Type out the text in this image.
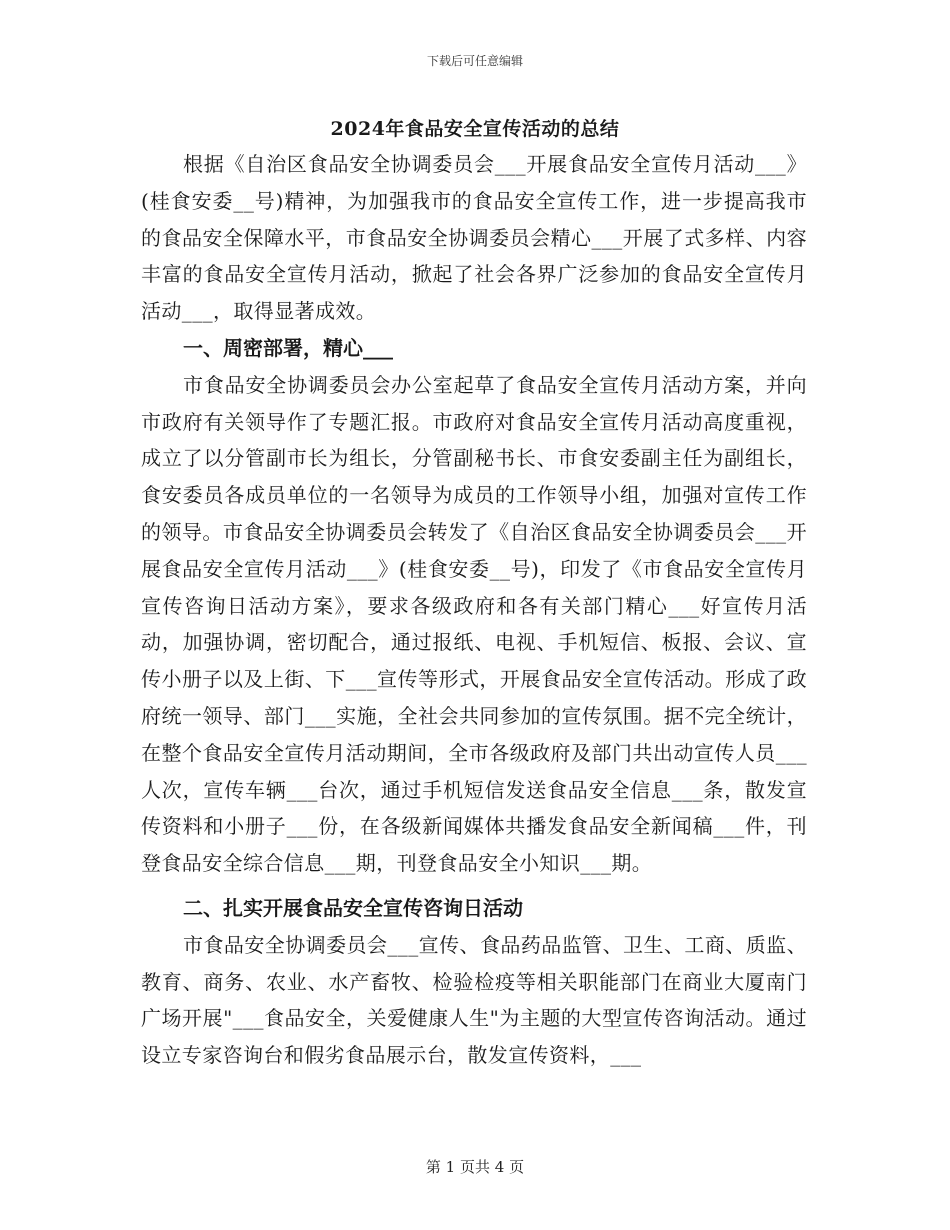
下载后可任意编辑
2024年食品安全宣传活动的总结

根据《自治区食品安全协调委员会___开展食品安全宣传月活动___》(桂食安委__号)精神，为加强我市的食品安全宣传工作，进一步提高我市的食品安全保障水平，市食品安全协调委员会精心___开展了式多样、内容丰富的食品安全宣传月活动，掀起了社会各界广泛参加的食品安全宣传月活动___，取得显著成效。

一、周密部署，精心___

市食品安全协调委员会办公室起草了食品安全宣传月活动方案，并向市政府有关领导作了专题汇报。市政府对食品安全宣传月活动高度重视，成立了以分管副市长为组长，分管副秘书长、市食安委副主任为副组长，食安委员各成员单位的一名领导为成员的工作领导小组，加强对宣传工作的领导。市食品安全协调委员会转发了《自治区食品安全协调委员会___开展食品安全宣传月活动___》(桂食安委__号)，印发了《市食品安全宣传月宣传咨询日活动方案》，要求各级政府和各有关部门精心___好宣传月活动，加强协调，密切配合，通过报纸、电视、手机短信、板报、会议、宣传小册子以及上街、下___宣传等形式，开展食品安全宣传活动。形成了政府统一领导、部门___实施，全社会共同参加的宣传氛围。据不完全统计，在整个食品安全宣传月活动期间，全市各级政府及部门共出动宣传人员___人次，宣传车辆___台次，通过手机短信发送食品安全信息___条，散发宣传资料和小册子___份，在各级新闻媒体共播发食品安全新闻稿___件，刊登食品安全综合信息___期，刊登食品安全小知识___期。

二、扎实开展食品安全宣传咨询日活动

市食品安全协调委员会___宣传、食品药品监管、卫生、工商、质监、教育、商务、农业、水产畜牧、检验检疫等相关职能部门在商业大厦南门广场开展"___食品安全，关爱健康人生"为主题的大型宣传咨询活动。通过设立专家咨询台和假劣食品展示台，散发宣传资料，___

第 1 页共 4 页
